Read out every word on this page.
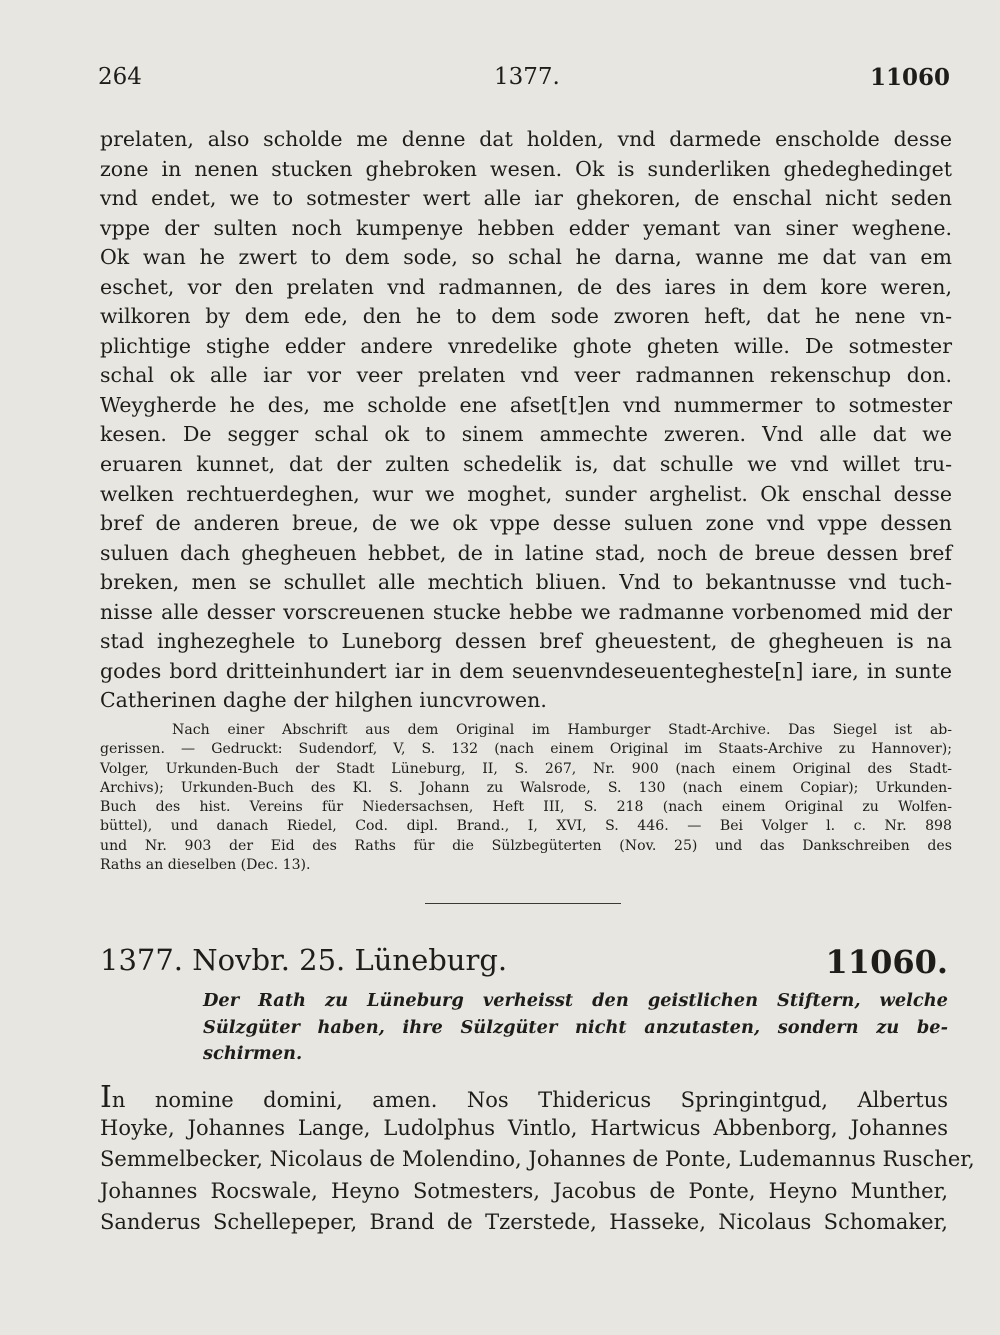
264	1377.	11060
prelaten, also scholde me denne dat holden, vnd darmede enscholde desse
zone in nenen stucken ghebroken wesen. Ok is sunderliken ghedeghedinget
vnd endet, we to sotmester wert alle iar ghekoren, de enschal nicht seden
vppe der sulten noch kumpenye hebben edder yemant van siner weghene.
Ok wan he zwert to dem sode, so schal he darna, wanne me dat van em
eschet, vor den prelaten vnd radmannen, de des iares in dem kore weren,
wilkoren by dem ede, den he to dem sode zworen heft, dat he nene vn-
plichtige stighe edder andere vnredelike ghote gheten wille. De sotmester
schal ok alle iar vor veer prelaten vnd veer radmannen rekenschup don.
Weygherde he des, me scholde ene afset[t]en vnd nummermer to sotmester
kesen. De segger schal ok to sinem ammechte zweren. Vnd alle dat we
eruaren kunnet, dat der zulten schedelik is, dat schulle we vnd willet tru-
welken rechtuerdeghen, wur we moghet, sunder arghelist. Ok enschal desse
bref de anderen breue, de we ok vppe desse suluen zone vnd vppe dessen
suluen dach ghegheuen hebbet, de in latine stad, noch de breue dessen bref
breken, men se schullet alle mechtich bliuen. Vnd to bekantnusse vnd tuch-
nisse alle desser vorscreuenen stucke hebbe we radmanne vorbenomed mid der
stad inghezeghele to Luneborg dessen bref gheuestent, de ghegheuen is na
godes bord dritteinhundert iar in dem seuenvndeseuentegheste[n] iare, in sunte
Catherinen daghe der hilghen iuncvrowen.
Nach einer Abschrift aus dem Original im Hamburger Stadt-Archive. Das Siegel ist ab-
gerissen. — Gedruckt: Sudendorf, V, S. 132 (nach einem Original im Staats-Archive zu Hannover);
Volger, Urkunden-Buch der Stadt Lüneburg, II, S. 267, Nr. 900 (nach einem Original des Stadt-
Archivs); Urkunden-Buch des Kl. S. Johann zu Walsrode, S. 130 (nach einem Copiar); Urkunden-
Buch des hist. Vereins für Niedersachsen, Heft III, S. 218 (nach einem Original zu Wolfen-
büttel), und danach Riedel, Cod. dipl. Brand., I, XVI, S. 446. — Bei Volger l. c. Nr. 898
und Nr. 903 der Eid des Raths für die Sülzbegüterten (Nov. 25) und das Dankschreiben des
Raths an dieselben (Dec. 13).
1377. Novbr. 25. Lüneburg.	11060.
Der Rath zu Lüneburg verheisst den geistlichen Stiftern, welche
Sülzgüter haben, ihre Sülzgüter nicht anzutasten, sondern zu be-
schirmen.
In nomine domini, amen. Nos Thidericus Springintgud, Albertus
Hoyke, Johannes Lange, Ludolphus Vintlo, Hartwicus Abbenborg, Johannes
Semmelbecker, Nicolaus de Molendino, Johannes de Ponte, Ludemannus Ruscher,
Johannes Rocswale, Heyno Sotmesters, Jacobus de Ponte, Heyno Munther,
Sanderus Schellepeper, Brand de Tzerstede, Hasseke, Nicolaus Schomaker,
